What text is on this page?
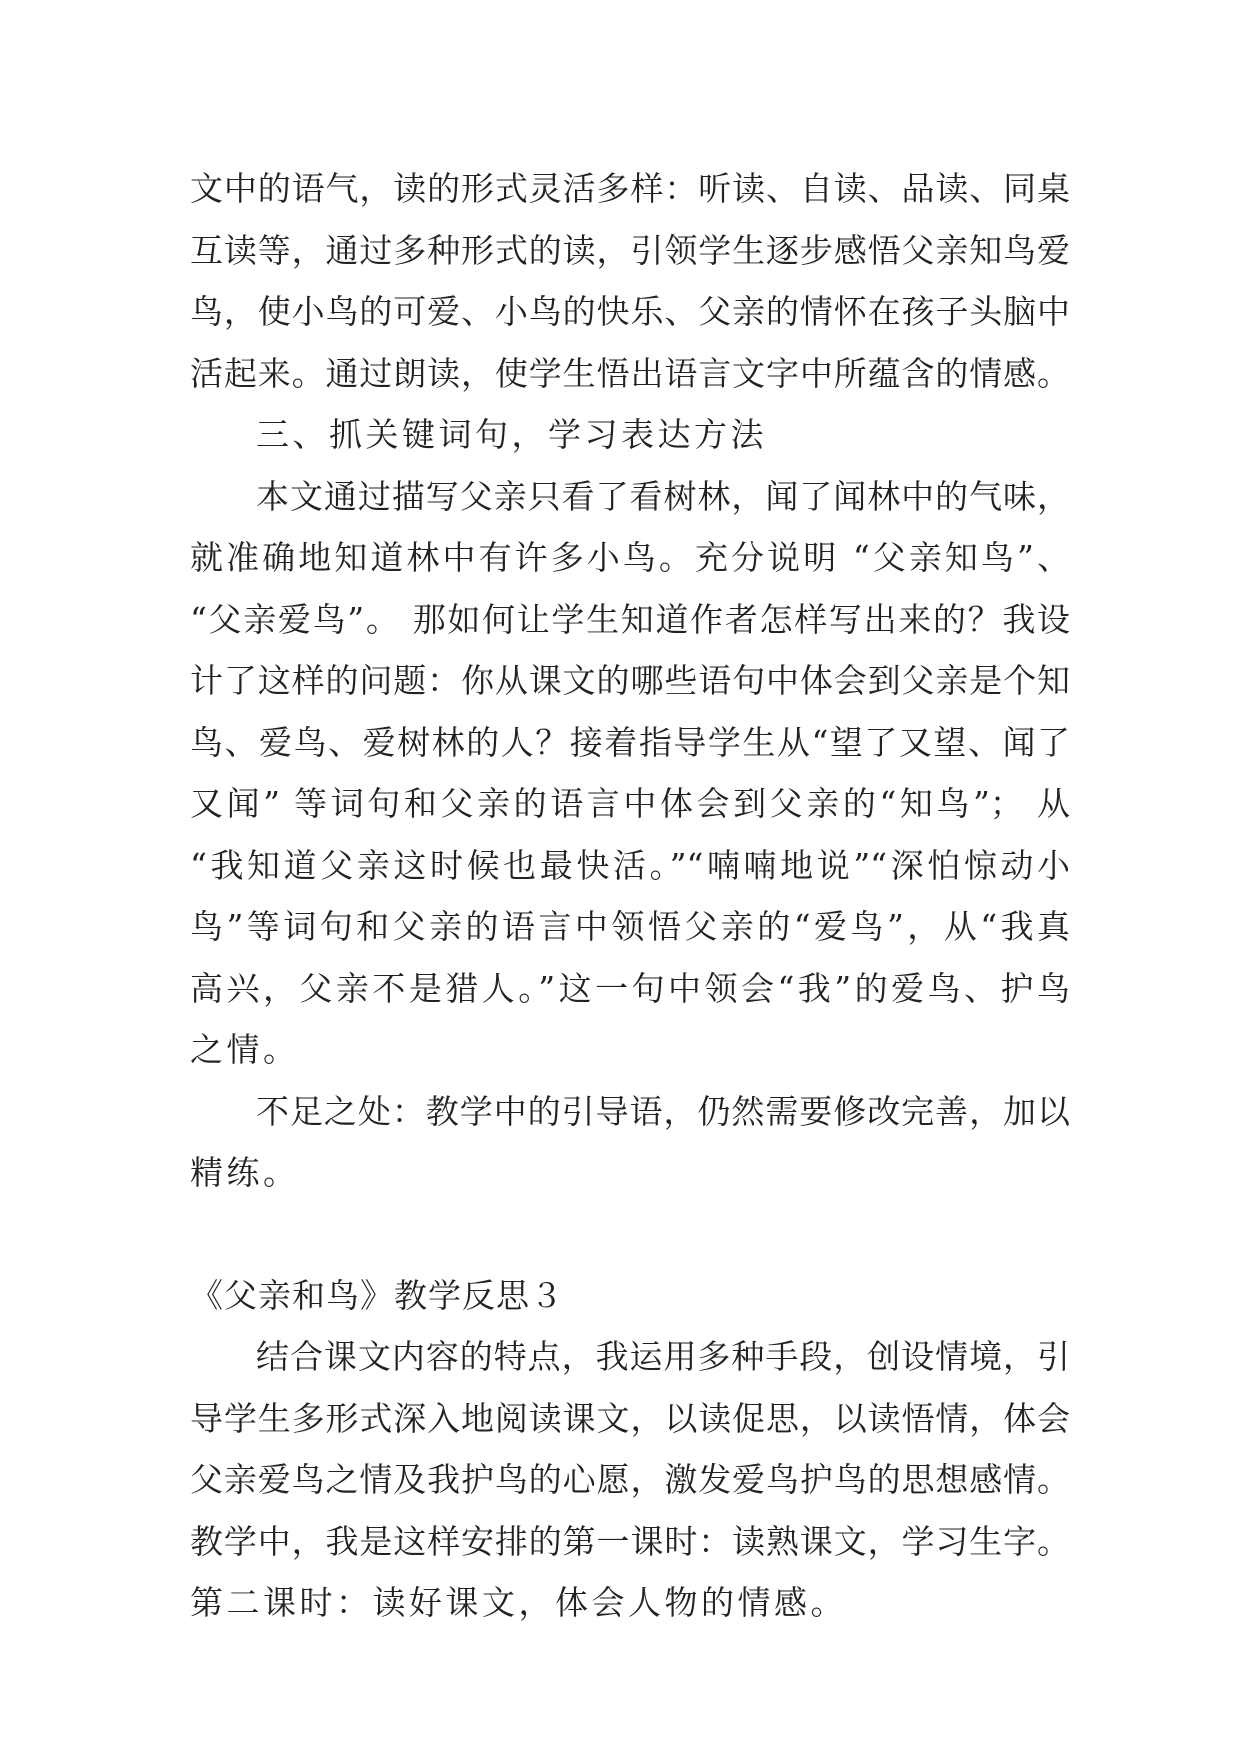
文中的语气，读的形式灵活多样：听读、自读、品读、同桌
互读等，通过多种形式的读，引领学生逐步感悟父亲知鸟爱
鸟，使小鸟的可爱、小鸟的快乐、父亲的情怀在孩子头脑中
活起来。通过朗读，使学生悟出语言文字中所蕴含的情感。
三、抓关键词句，学习表达方法
本文通过描写父亲只看了看树林，闻了闻林中的气味，
就准确地知道林中有许多小鸟。充分说明 “父亲知鸟”、
“父亲爱鸟”。 那如何让学生知道作者怎样写出来的？我设
计了这样的问题：你从课文的哪些语句中体会到父亲是个知
鸟、爱鸟、爱树林的人？接着指导学生从“望了又望、闻了
又闻” 等词句和父亲的语言中体会到父亲的“知鸟”； 从
“我知道父亲这时候也最快活。”“喃喃地说”“深怕惊动小
鸟”等词句和父亲的语言中领悟父亲的“爱鸟”，从“我真
高兴，父亲不是猎人。”这一句中领会“我”的爱鸟、护鸟
之情。
不足之处：教学中的引导语，仍然需要修改完善，加以
精练。
《父亲和鸟》教学反思３
结合课文内容的特点，我运用多种手段，创设情境，引
导学生多形式深入地阅读课文，以读促思，以读悟情，体会
父亲爱鸟之情及我护鸟的心愿，激发爱鸟护鸟的思想感情。
教学中，我是这样安排的第一课时：读熟课文，学习生字。
第二课时：读好课文，体会人物的情感。
